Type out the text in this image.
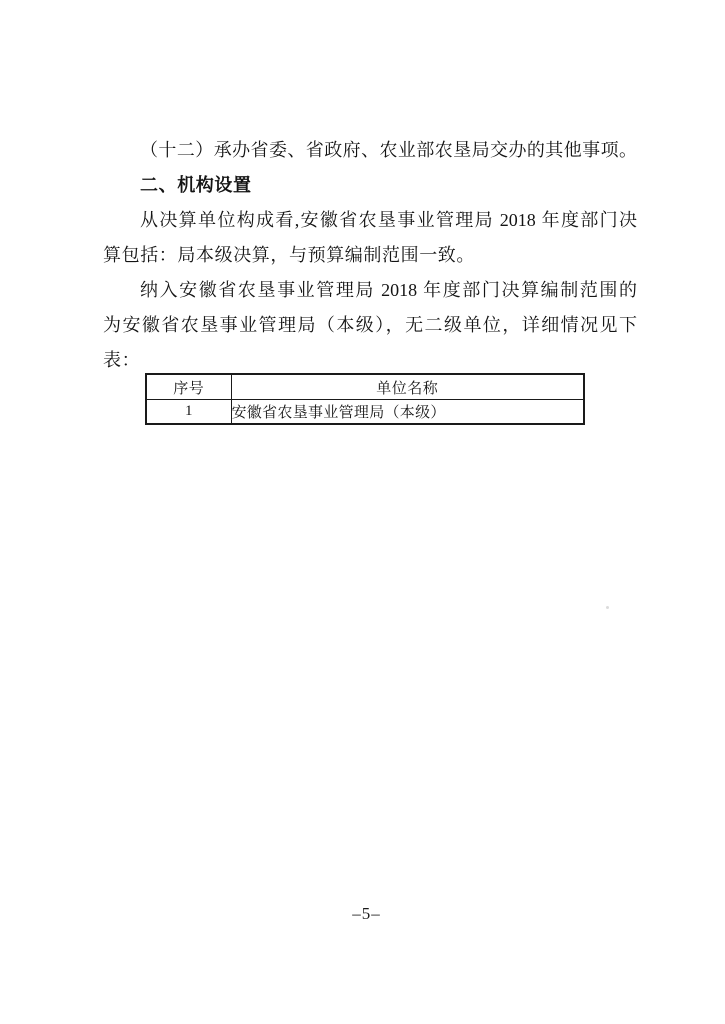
（十二）承办省委、省政府、农业部农垦局交办的其他事项。
二、机构设置
从决算单位构成看,安徽省农垦事业管理局 2018 年度部门决
算包括：局本级决算，与预算编制范围一致。
纳入安徽省农垦事业管理局 2018 年度部门决算编制范围的
为安徽省农垦事业管理局（本级），无二级单位，详细情况见下
表：
序号	单位名称
1	安徽省农垦事业管理局（本级）
–5–
